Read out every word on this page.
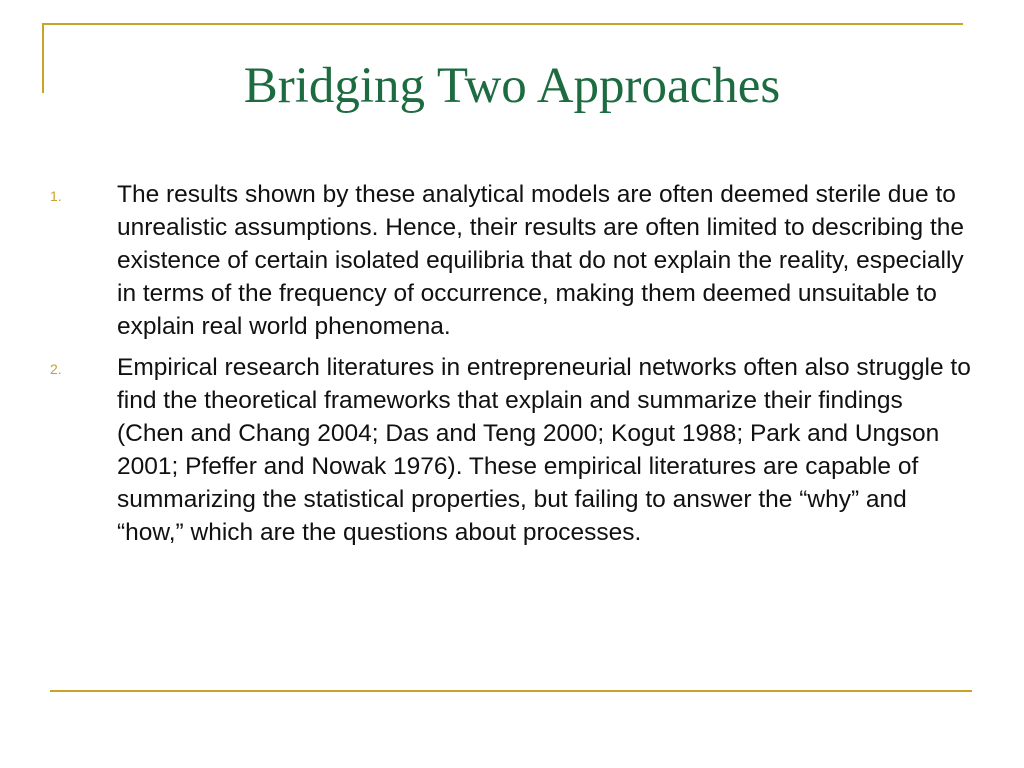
Bridging Two Approaches
1. The results shown by these analytical models are often deemed sterile due to unrealistic assumptions. Hence, their results are often limited to describing the existence of certain isolated equilibria that do not explain the reality, especially in terms of the frequency of occurrence, making them deemed unsuitable to explain real world phenomena.
2. Empirical research literatures in entrepreneurial networks often also struggle to find the theoretical frameworks that explain and summarize their findings (Chen and Chang 2004; Das and Teng 2000; Kogut 1988; Park and Ungson 2001; Pfeffer and Nowak 1976). These empirical literatures are capable of summarizing the statistical properties, but failing to answer the “why” and “how,” which are the questions about processes.
